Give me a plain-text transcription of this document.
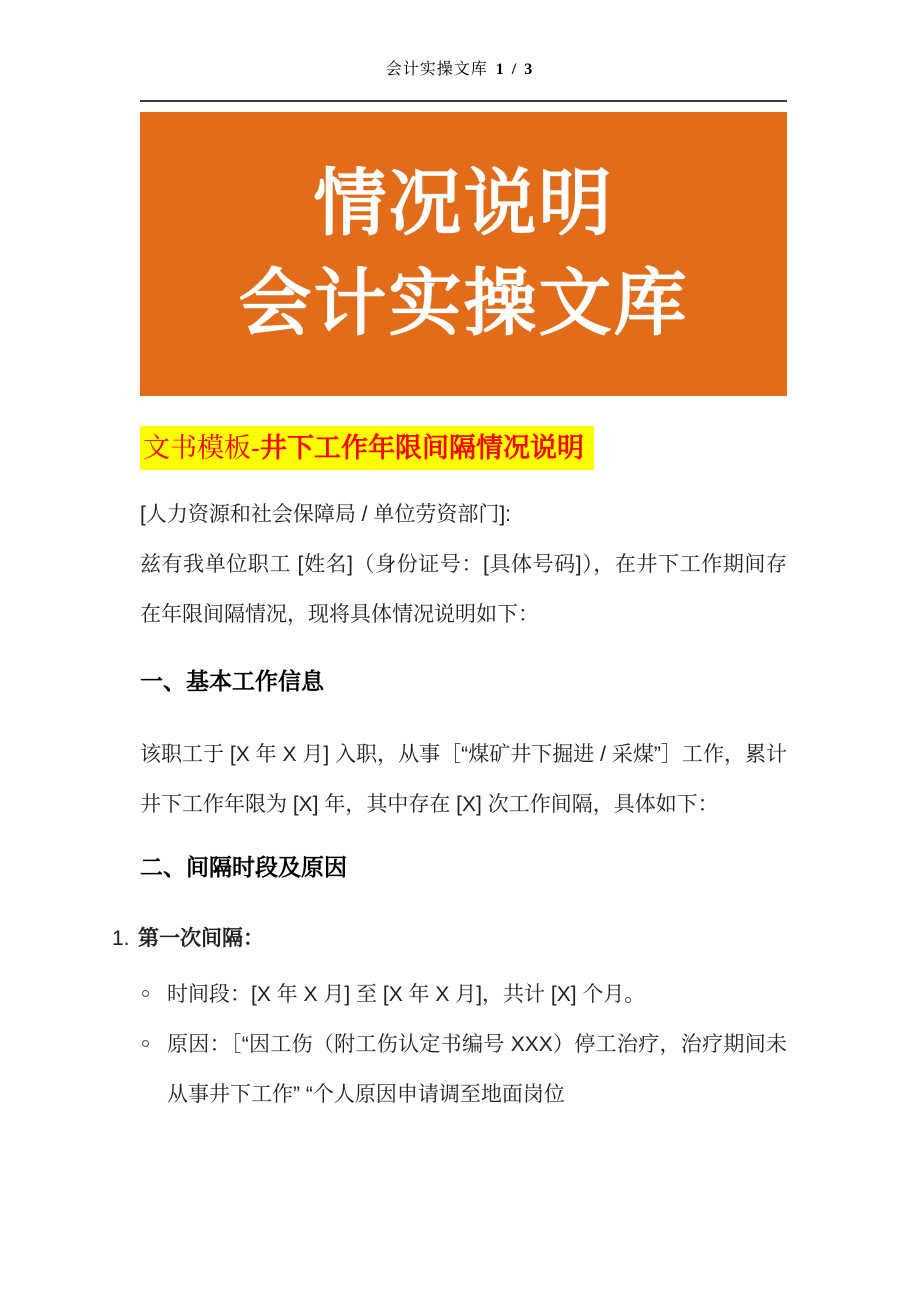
会计实操文库 1 / 3
情况说明
会计实操文库
文书模板-井下工作年限间隔情况说明

[人力资源和社会保障局 / 单位劳资部门]:

兹有我单位职工 [姓名]（身份证号：[具体号码]），在井下工作期间存在年限间隔情况，现将具体情况说明如下：

一、基本工作信息

该职工于 [X 年 X 月] 入职，从事［“煤矿井下掘进 / 采煤”］工作，累计井下工作年限为 [X] 年，其中存在 [X] 次工作间隔，具体如下：

二、间隔时段及原因
1. 第一次间隔：
时间段：[X 年 X 月] 至 [X 年 X 月]，共计 [X] 个月。
原因：［“因工伤（附工伤认定书编号 XXX）停工治疗，治疗期间未从事井下工作” “个人原因申请调至地面岗位
